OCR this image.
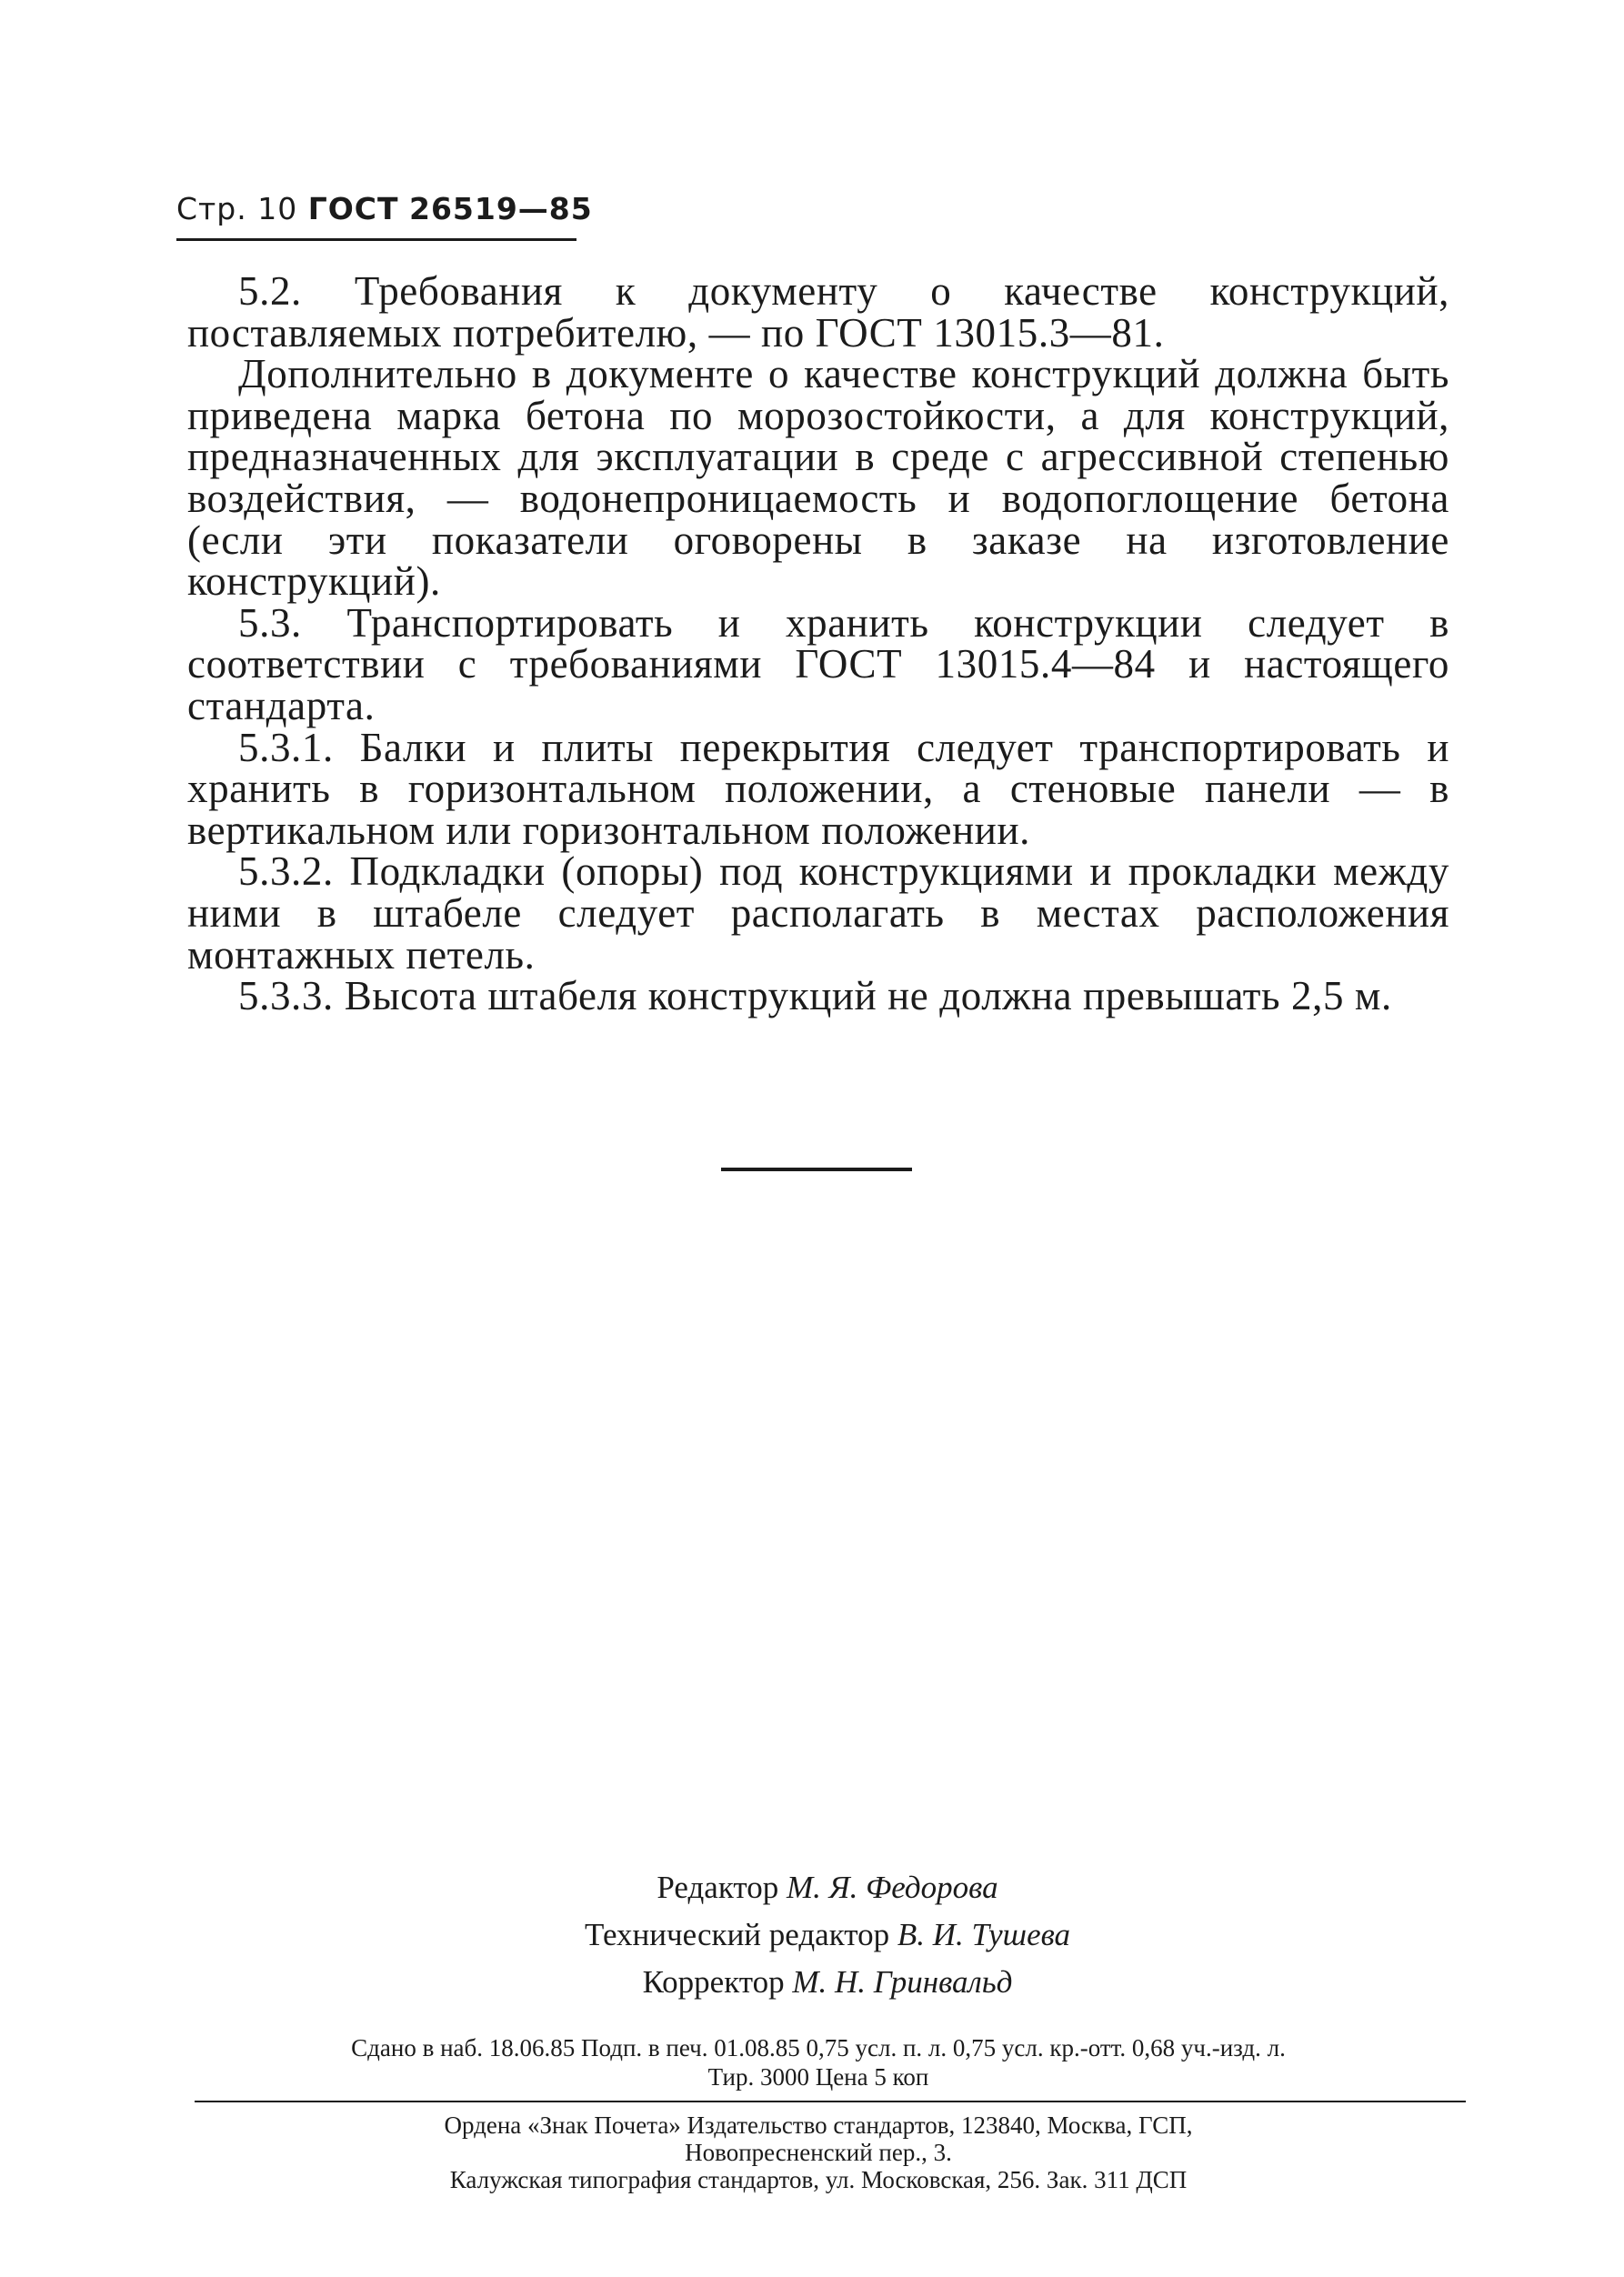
Стр. 10 ГОСТ 26519—85

5.2. Требования к документу о качестве конструкций, поставляемых потребителю, — по ГОСТ 13015.3—81.

Дополнительно в документе о качестве конструкций должна быть приведена марка бетона по морозостойкости, а для конструкций, предназначенных для эксплуатации в среде с агрессивной степенью воздействия, — водонепроницаемость и водопоглощение бетона (если эти показатели оговорены в заказе на изготовление конструкций).

5.3. Транспортировать и хранить конструкции следует в соответствии с требованиями ГОСТ 13015.4—84 и настоящего стандарта.

5.3.1. Балки и плиты перекрытия следует транспортировать и хранить в горизонтальном положении, а стеновые панели — в вертикальном или горизонтальном положении.

5.3.2. Подкладки (опоры) под конструкциями и прокладки между ними в штабеле следует располагать в местах расположения монтажных петель.

5.3.3. Высота штабеля конструкций не должна превышать 2,5 м.

Редактор М. Я. Федорова
Технический редактор В. И. Тушева
Корректор М. Н. Гринвальд
Сдано в наб. 18.06.85 Подп. в печ. 01.08.85 0,75 усл. п. л. 0,75 усл. кр.-отт. 0,68 уч.-изд. л.
Тир. 3000 Цена 5 коп
Ордена «Знак Почета» Издательство стандартов, 123840, Москва, ГСП,
Новопресненский пер., 3.
Калужская типография стандартов, ул. Московская, 256. Зак. 311 ДСП
